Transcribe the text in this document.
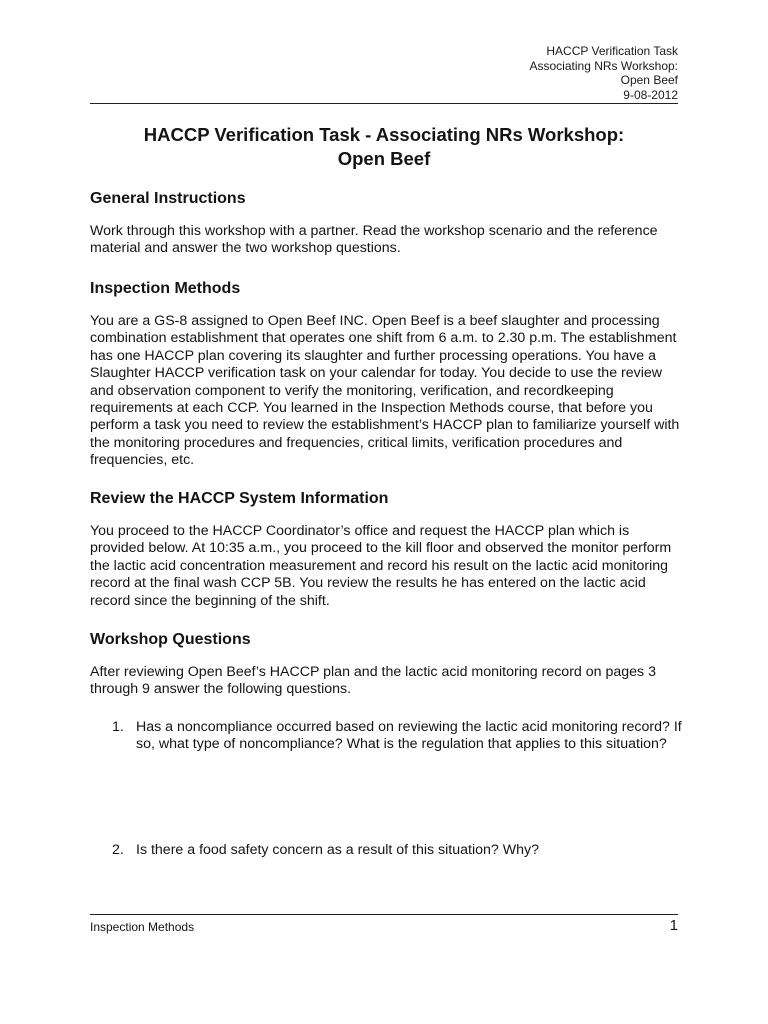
HACCP Verification Task
Associating NRs Workshop:
Open Beef
9-08-2012
HACCP Verification Task - Associating NRs Workshop:
Open Beef
General Instructions

Work through this workshop with a partner. Read the workshop scenario and the reference material and answer the two workshop questions.

Inspection Methods

You are a GS-8 assigned to Open Beef INC. Open Beef is a beef slaughter and processing combination establishment that operates one shift from 6 a.m. to 2.30 p.m. The establishment has one HACCP plan covering its slaughter and further processing operations. You have a Slaughter HACCP verification task on your calendar for today. You decide to use the review and observation component to verify the monitoring, verification, and recordkeeping requirements at each CCP. You learned in the Inspection Methods course, that before you perform a task you need to review the establishment’s HACCP plan to familiarize yourself with the monitoring procedures and frequencies, critical limits, verification procedures and frequencies, etc.

Review the HACCP System Information

You proceed to the HACCP Coordinator’s office and request the HACCP plan which is provided below. At 10:35 a.m., you proceed to the kill floor and observed the monitor perform the lactic acid concentration measurement and record his result on the lactic acid monitoring record at the final wash CCP 5B. You review the results he has entered on the lactic acid record since the beginning of the shift.

Workshop Questions

After reviewing Open Beef’s HACCP plan and the lactic acid monitoring record on pages 3 through 9 answer the following questions.

1. Has a noncompliance occurred based on reviewing the lactic acid monitoring record? If so, what type of noncompliance? What is the regulation that applies to this situation?
2. Is there a food safety concern as a result of this situation? Why?
Inspection Methods	1
